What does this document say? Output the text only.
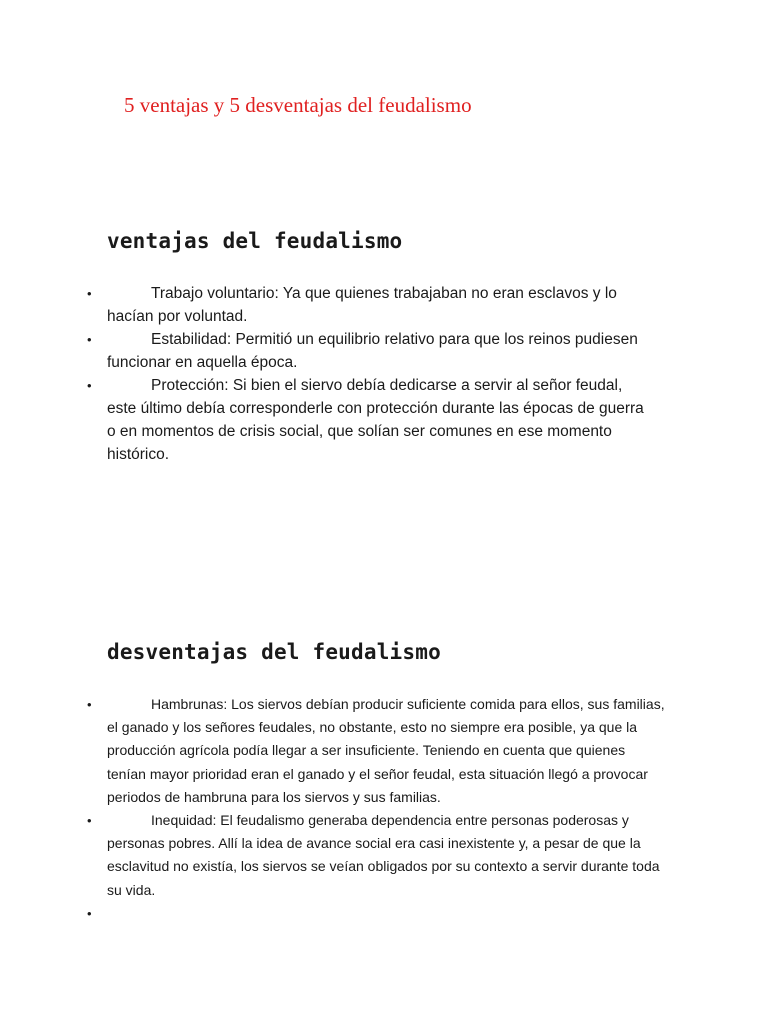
5 ventajas y 5 desventajas del feudalismo
ventajas del feudalismo
•	Trabajo voluntario: Ya que quienes trabajaban no eran esclavos y lo hacían por voluntad.
•	Estabilidad: Permitió un equilibrio relativo para que los reinos pudiesen funcionar en aquella época.
•	Protección: Si bien el siervo debía dedicarse a servir al señor feudal, este último debía corresponderle con protección durante las épocas de guerra o en momentos de crisis social, que solían ser comunes en ese momento histórico.
desventajas del feudalismo
•	Hambrunas: Los siervos debían producir suficiente comida para ellos, sus familias, el ganado y los señores feudales, no obstante, esto no siempre era posible, ya que la producción agrícola podía llegar a ser insuficiente. Teniendo en cuenta que quienes tenían mayor prioridad eran el ganado y el señor feudal, esta situación llegó a provocar periodos de hambruna para los siervos y sus familias.
•	Inequidad: El feudalismo generaba dependencia entre personas poderosas y personas pobres. Allí la idea de avance social era casi inexistente y, a pesar de que la esclavitud no existía, los siervos se veían obligados por su contexto a servir durante toda su vida.
•
